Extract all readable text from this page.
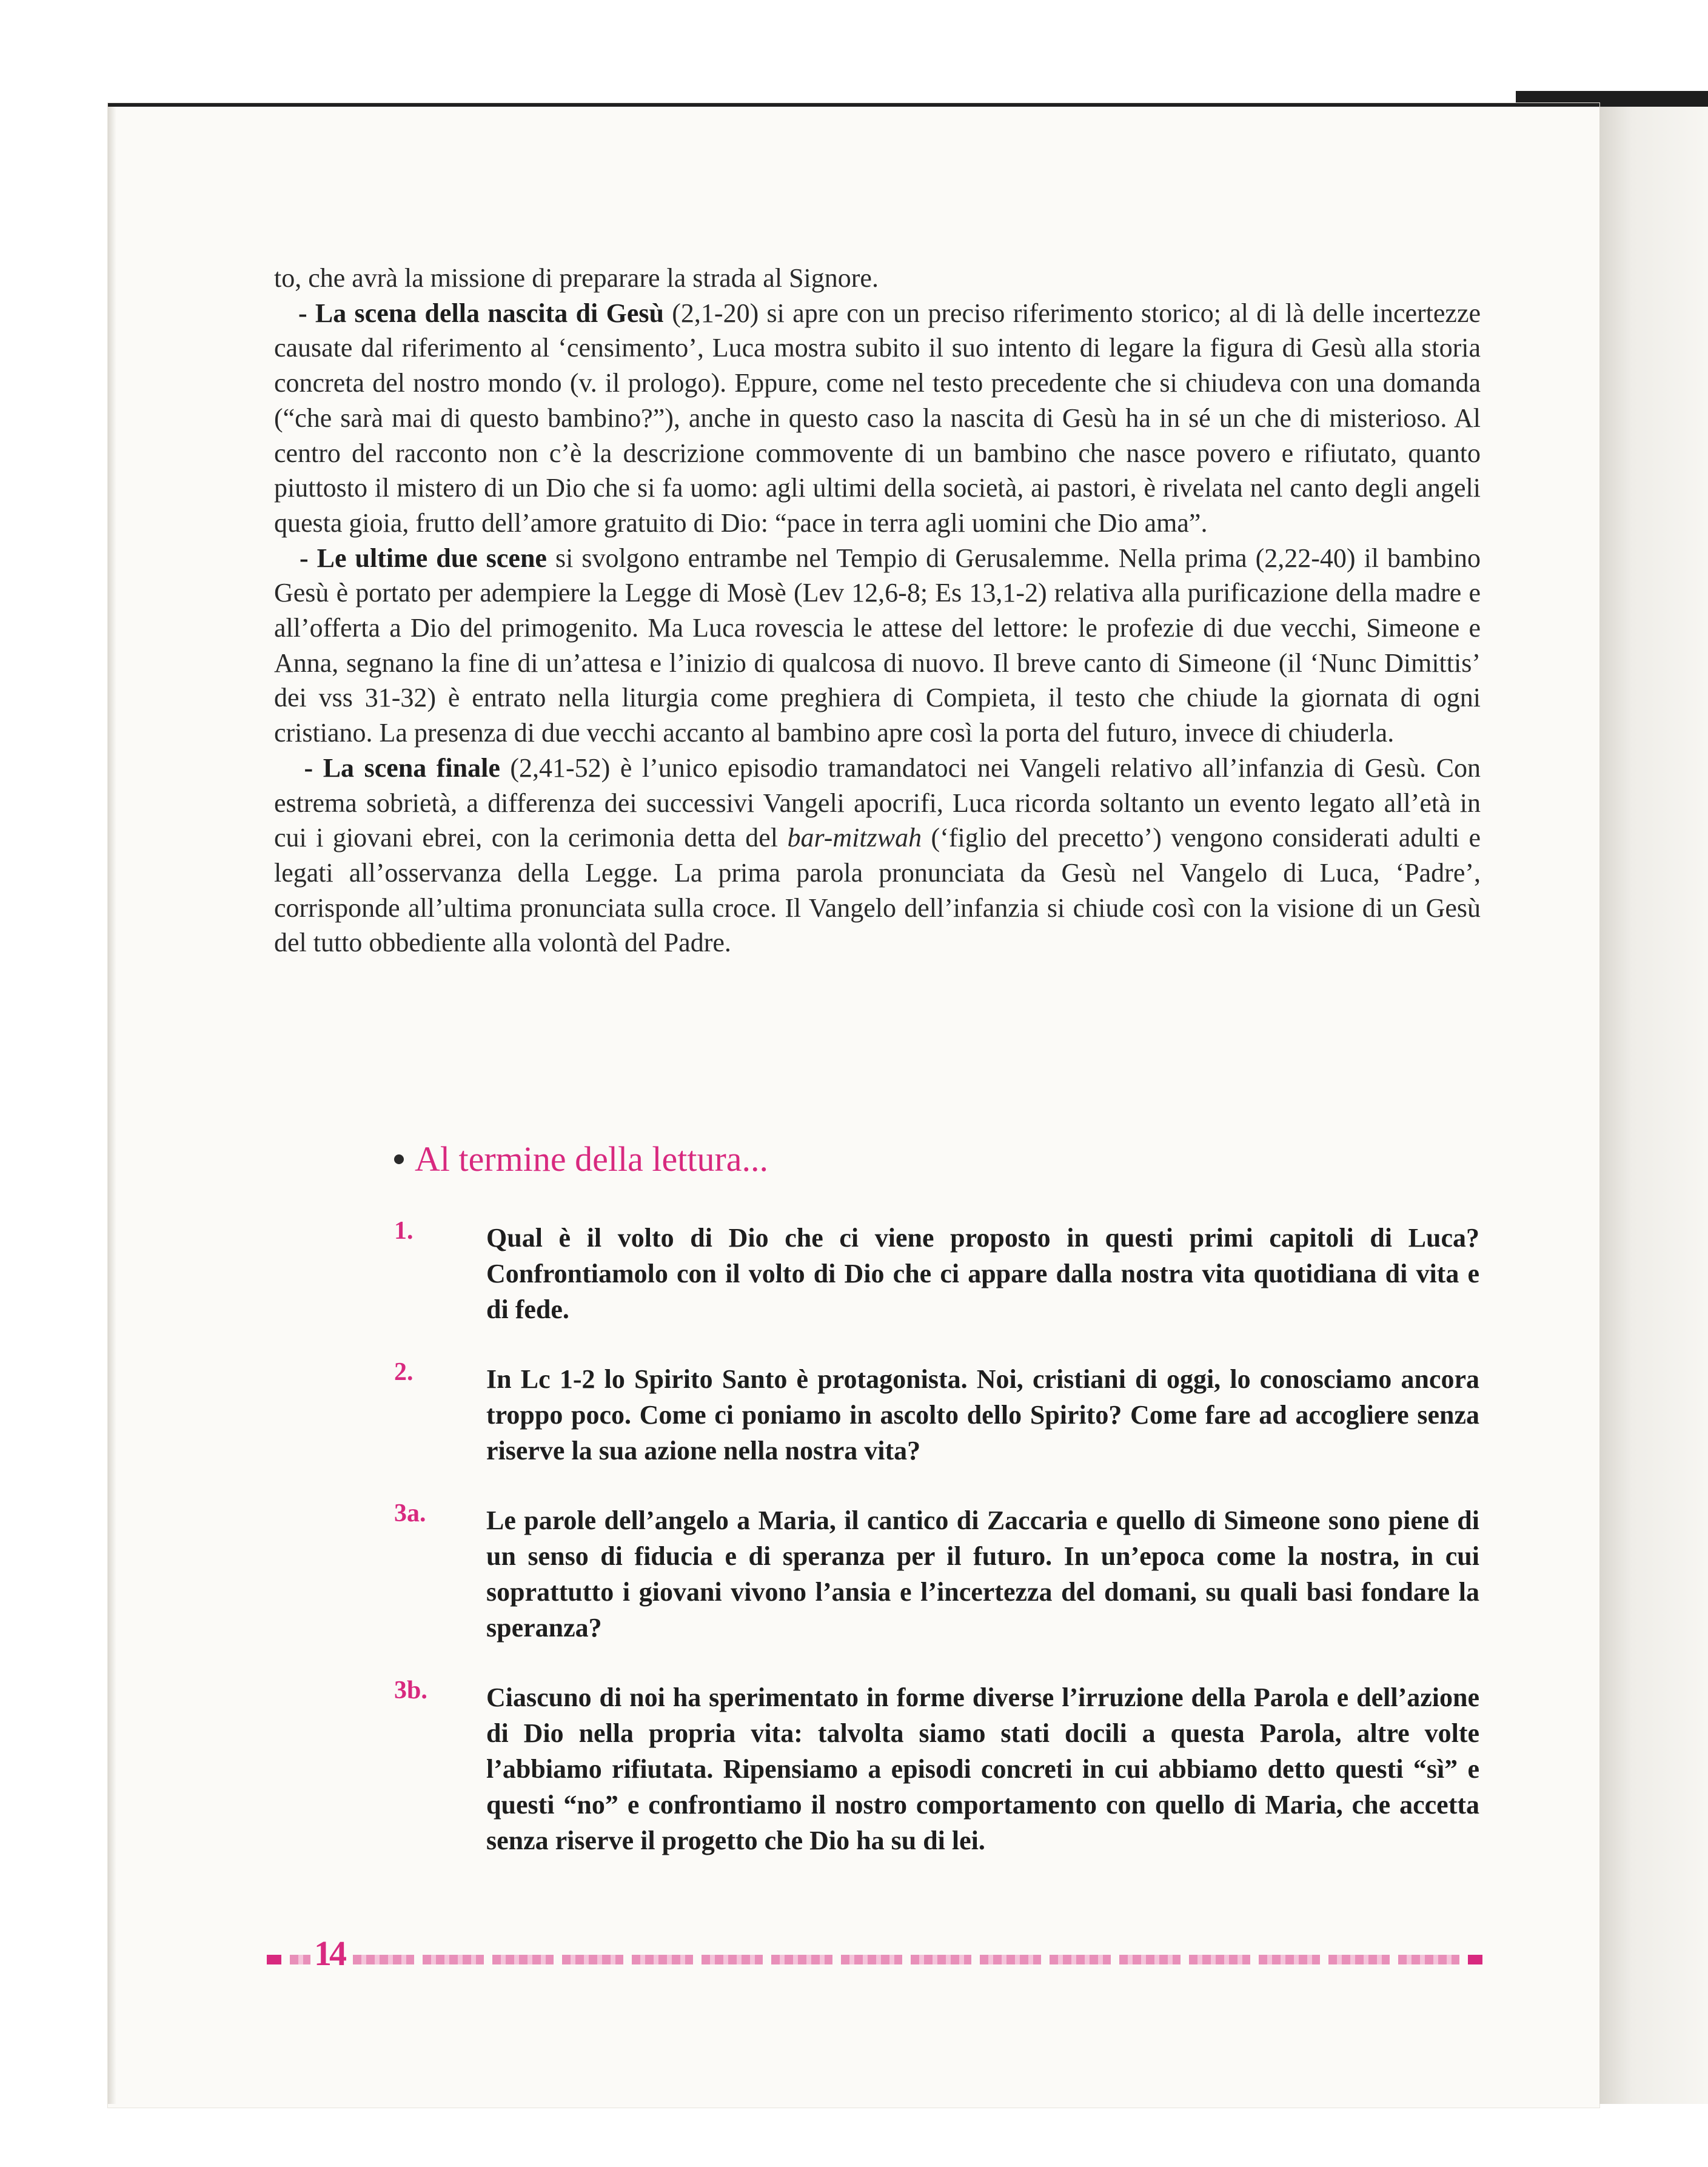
to, che avrà la missione di preparare la strada al Signore.

- La scena della nascita di Gesù (2,1-20) si apre con un preciso riferimento storico; al di là delle incertezze causate dal riferimento al ‘censimento’, Luca mostra subito il suo intento di legare la figura di Gesù alla storia concreta del nostro mondo (v. il prologo). Eppure, come nel testo precedente che si chiudeva con una domanda (“che sarà mai di questo bambino?”), anche in questo caso la nascita di Gesù ha in sé un che di misterioso. Al centro del racconto non c’è la descrizione commovente di un bambino che nasce povero e rifiutato, quanto piuttosto il mistero di un Dio che si fa uomo: agli ultimi della società, ai pastori, è rivelata nel canto degli angeli questa gioia, frutto dell’amore gratuito di Dio: “pace in terra agli uomini che Dio ama”.

- Le ultime due scene si svolgono entrambe nel Tempio di Gerusalemme. Nella prima (2,22-40) il bambino Gesù è portato per adempiere la Legge di Mosè (Lev 12,6-8; Es 13,1-2) relativa alla purificazione della madre e all’offerta a Dio del primogenito. Ma Luca rovescia le attese del lettore: le profezie di due vecchi, Simeone e Anna, segnano la fine di un’attesa e l’inizio di qualcosa di nuovo. Il breve canto di Simeone (il ‘Nunc Dimittis’ dei vss 31-32) è entrato nella liturgia come preghiera di Compieta, il testo che chiude la giornata di ogni cristiano. La presenza di due vecchi accanto al bambino apre così la porta del futuro, invece di chiuderla.

- La scena finale (2,41-52) è l’unico episodio tramandatoci nei Vangeli relativo all’infanzia di Gesù. Con estrema sobrietà, a differenza dei successivi Vangeli apocrifi, Luca ricorda soltanto un evento legato all’età in cui i giovani ebrei, con la cerimonia detta del bar-mitzwah (‘figlio del precetto’) vengono considerati adulti e legati all’osservanza della Legge. La prima parola pronunciata da Gesù nel Vangelo di Luca, ‘Padre’, corrisponde all’ultima pronunciata sulla croce. Il Vangelo dell’infanzia si chiude così con la visione di un Gesù del tutto obbediente alla volontà del Padre.

Al termine della lettura...
1.	Qual è il volto di Dio che ci viene proposto in questi primi capitoli di Luca? Confrontiamolo con il volto di Dio che ci appare dalla nostra vita quotidiana di vita e di fede.
2.	In Lc 1-2 lo Spirito Santo è protagonista. Noi, cristiani di oggi, lo conosciamo ancora troppo poco. Come ci poniamo in ascolto dello Spirito? Come fare ad accogliere senza riserve la sua azione nella nostra vita?
3a. Le parole dell’angelo a Maria, il cantico di Zaccaria e quello di Simeone sono piene di un senso di fiducia e di speranza per il futuro. In un’epoca come la nostra, in cui soprattutto i giovani vivono l’ansia e l’incertezza del domani, su quali basi fondare la speranza?
3b. Ciascuno di noi ha sperimentato in forme diverse l’irruzione della Parola e dell’azione di Dio nella propria vita: talvolta siamo stati docili a questa Parola, altre volte l’abbiamo rifiutata. Ripensiamo a episodi concreti in cui abbiamo detto questi “sì” e questi “no” e confrontiamo il nostro comportamento con quello di Maria, che accetta senza riserve il progetto che Dio ha su di lei.
14
